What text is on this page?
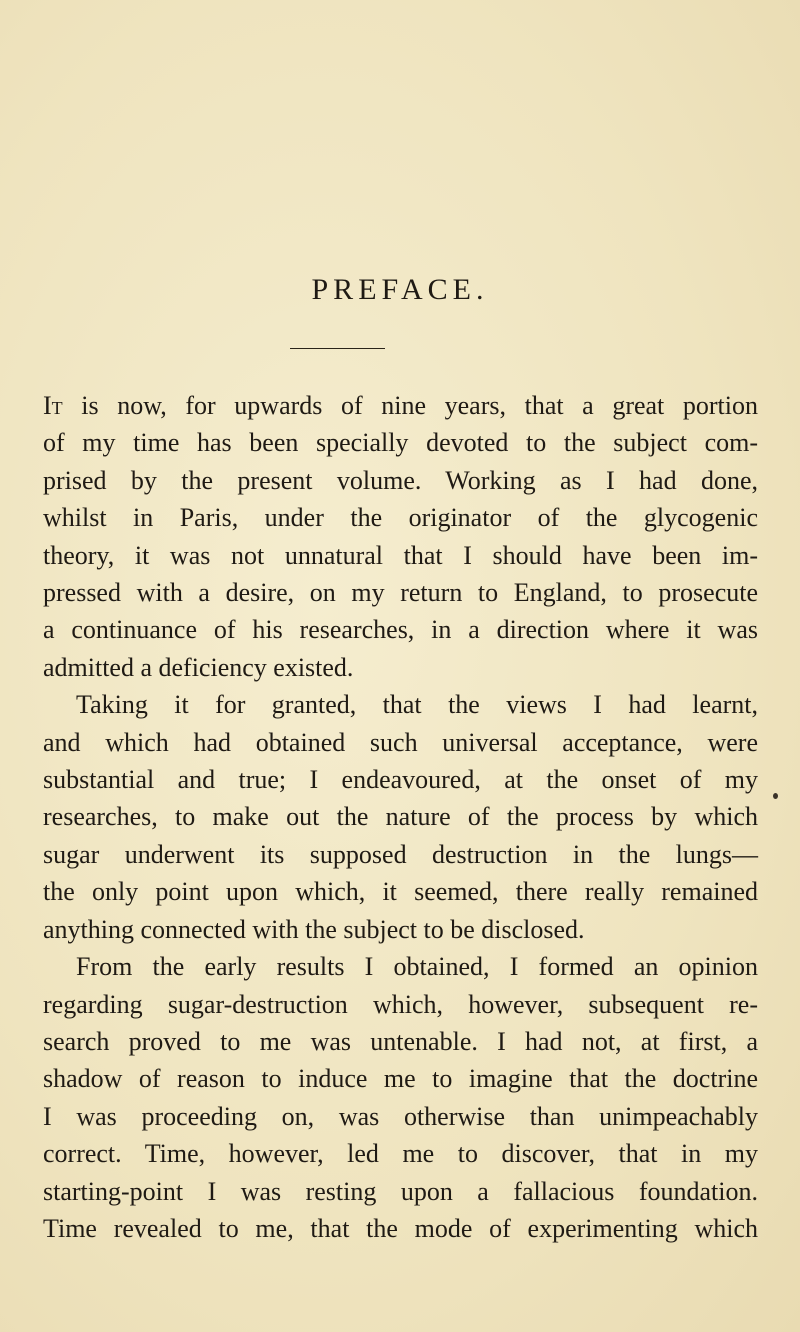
PREFACE.
It is now, for upwards of nine years, that a great portion
of my time has been specially devoted to the subject com-
prised by the present volume. Working as I had done,
whilst in Paris, under the originator of the glycogenic
theory, it was not unnatural that I should have been im-
pressed with a desire, on my return to England, to prosecute
a continuance of his researches, in a direction where it was
admitted a deficiency existed.
Taking it for granted, that the views I had learnt,
and which had obtained such universal acceptance, were
substantial and true; I endeavoured, at the onset of my
researches, to make out the nature of the process by which
sugar underwent its supposed destruction in the lungs—
the only point upon which, it seemed, there really remained
anything connected with the subject to be disclosed.
From the early results I obtained, I formed an opinion
regarding sugar-destruction which, however, subsequent re-
search proved to me was untenable. I had not, at first, a
shadow of reason to induce me to imagine that the doctrine
I was proceeding on, was otherwise than unimpeachably
correct. Time, however, led me to discover, that in my
starting-point I was resting upon a fallacious foundation.
Time revealed to me, that the mode of experimenting which
